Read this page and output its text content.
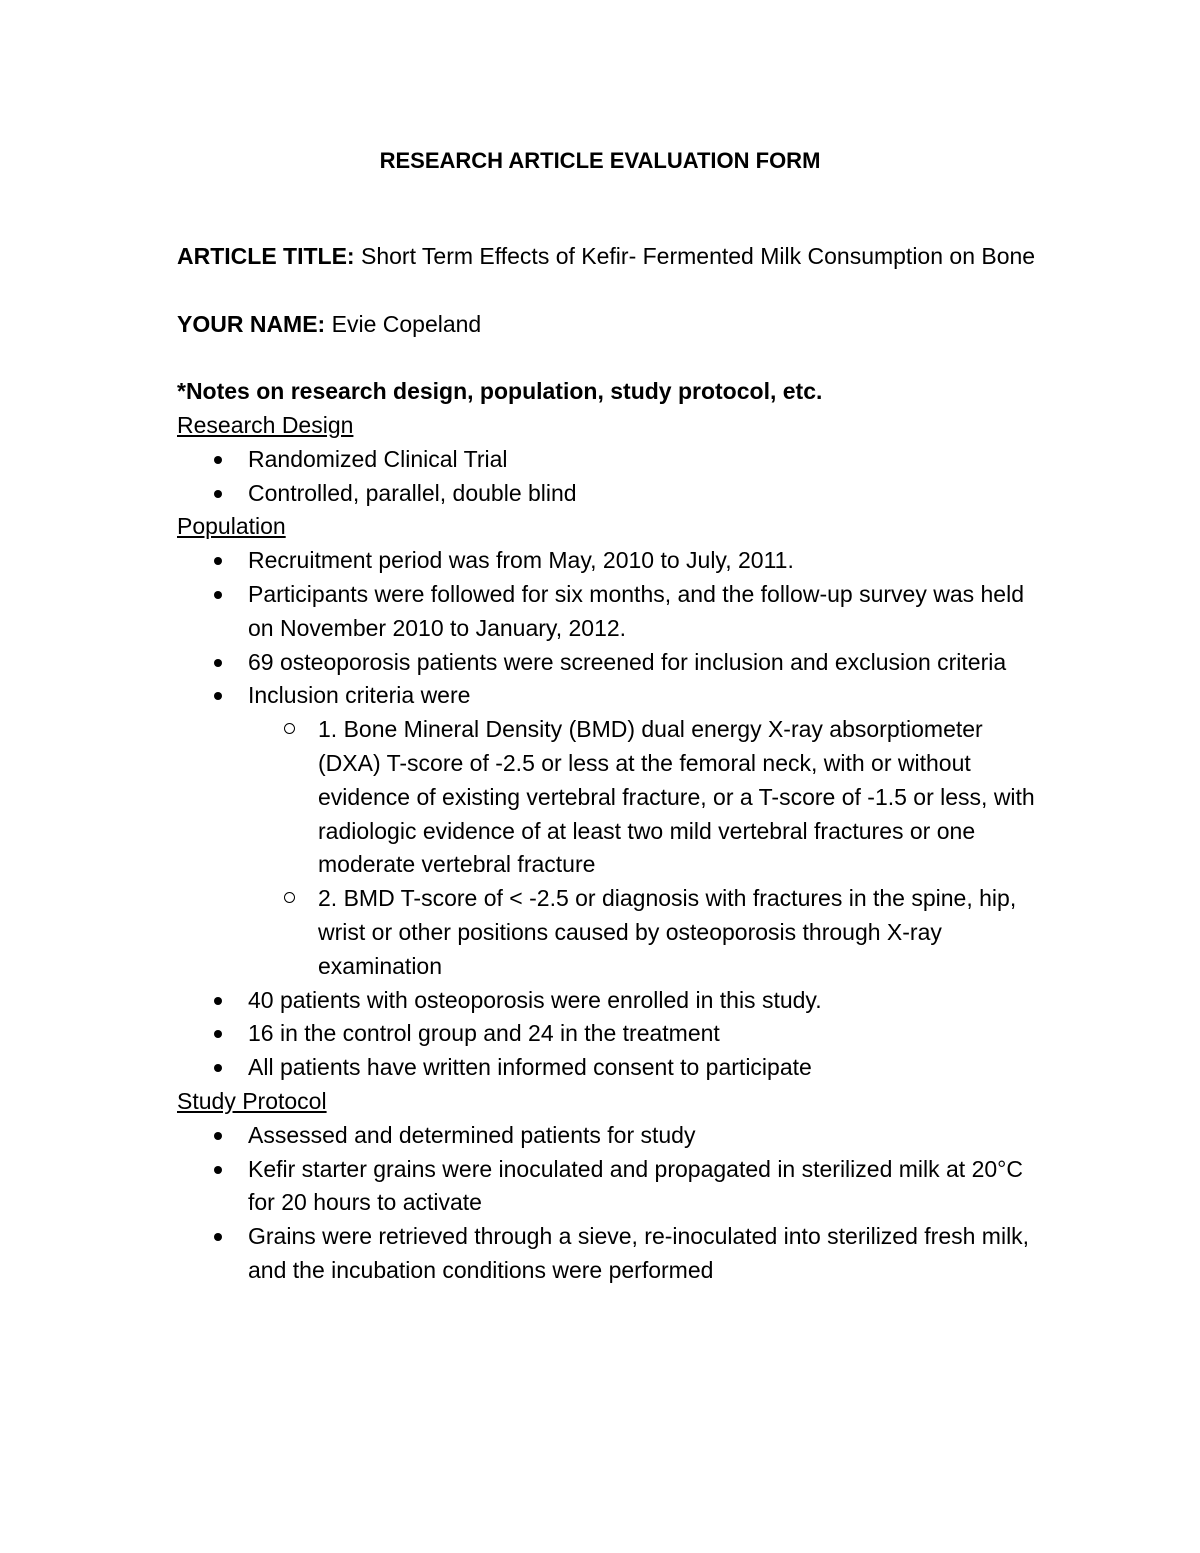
RESEARCH ARTICLE EVALUATION FORM

ARTICLE TITLE: Short Term Effects of Kefir- Fermented Milk Consumption on Bone

YOUR NAME: Evie Copeland

*Notes on research design, population, study protocol, etc.

Research Design

Randomized Clinical Trial
Controlled, parallel, double blind

Population

Recruitment period was from May, 2010 to July, 2011.
Participants were followed for six months, and the follow-up survey was held on November 2010 to January, 2012.
69 osteoporosis patients were screened for inclusion and exclusion criteria
Inclusion criteria were
1. Bone Mineral Density (BMD) dual energy X-ray absorptiometer (DXA) T-score of -2.5 or less at the femoral neck, with or without evidence of existing vertebral fracture, or a T-score of -1.5 or less, with radiologic evidence of at least two mild vertebral fractures or one moderate vertebral fracture
2. BMD T-score of < -2.5 or diagnosis with fractures in the spine, hip, wrist or other positions caused by osteoporosis through X-ray examination
40 patients with osteoporosis were enrolled in this study.
16 in the control group and 24 in the treatment
All patients have written informed consent to participate

Study Protocol

Assessed and determined patients for study
Kefir starter grains were inoculated and propagated in sterilized milk at 20°C for 20 hours to activate
Grains were retrieved through a sieve, re-inoculated into sterilized fresh milk, and the incubation conditions were performed
